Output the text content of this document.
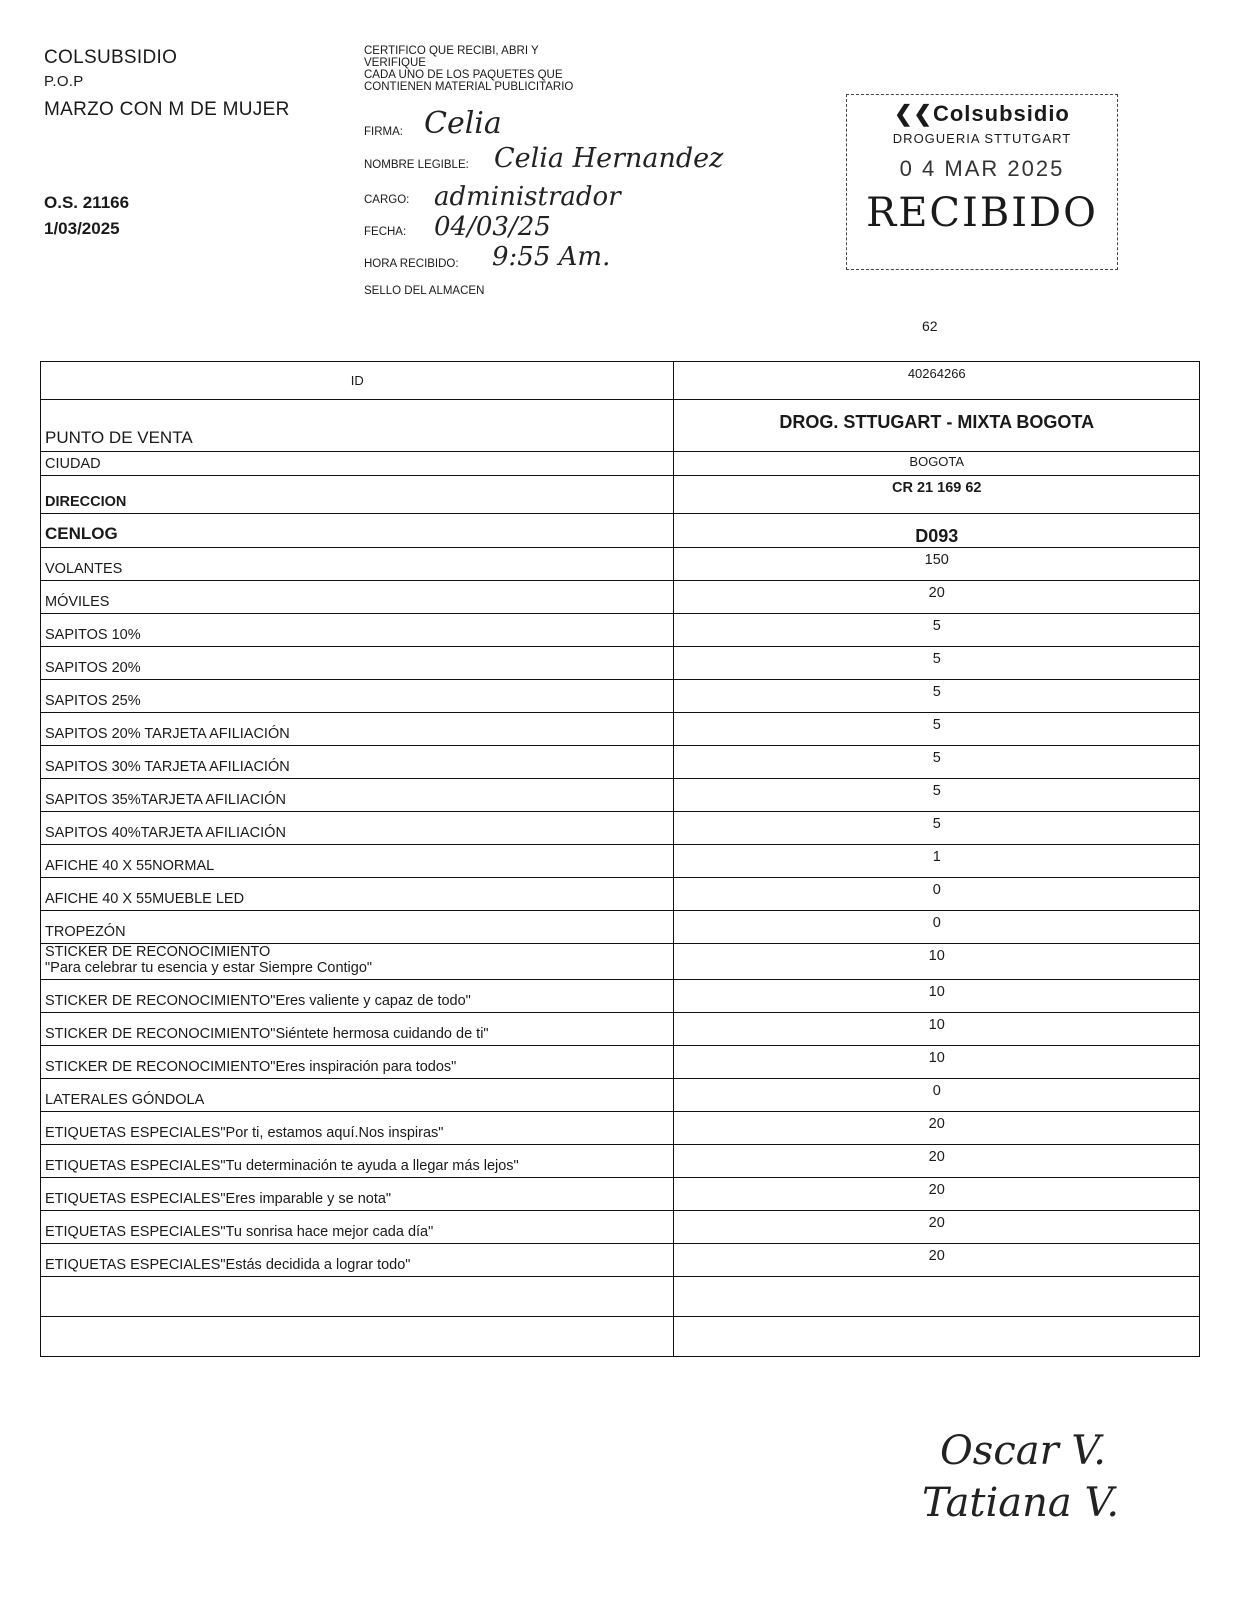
COLSUBSIDIO
P.O.P
MARZO CON M DE MUJER
O.S. 21166
1/03/2025
CERTIFICO QUE RECIBI, ABRI Y
VERIFIQUE
CADA UNO DE LOS PAQUETES QUE
CONTIENEN MATERIAL PUBLICITARIO
FIRMA: Celia
NOMBRE LEGIBLE: Celia Hernandez
CARGO: administrador
FECHA: 04/03/25
HORA RECIBIDO: 9:55 Am.
SELLO DEL ALMACEN
❮❮Colsubsidio
DROGUERIA STTUTGART
0 4 MAR 2025
RECIBIDO
62
ID	40264266
PUNTO DE VENTA	DROG. STTUGART - MIXTA BOGOTA
CIUDAD	BOGOTA
DIRECCION	CR 21 169 62
CENLOG	D093
VOLANTES	150
MÓVILES	20
SAPITOS 10%	5
SAPITOS 20%	5
SAPITOS 25%	5
SAPITOS 20% TARJETA AFILIACIÓN	5
SAPITOS 30% TARJETA AFILIACIÓN	5
SAPITOS 35%TARJETA AFILIACIÓN	5
SAPITOS 40%TARJETA AFILIACIÓN	5
AFICHE 40 X 55NORMAL	1
AFICHE 40 X 55MUEBLE LED	0
TROPEZÓN	0
STICKER DE RECONOCIMIENTO
"Para celebrar tu esencia y estar Siempre Contigo"	10
STICKER DE RECONOCIMIENTO"Eres valiente y capaz de todo"	10
STICKER DE RECONOCIMIENTO"Siéntete hermosa cuidando de ti"	10
STICKER DE RECONOCIMIENTO"Eres inspiración para todos"	10
LATERALES GÓNDOLA	0
ETIQUETAS ESPECIALES"Por ti, estamos aquí.Nos inspiras"	20
ETIQUETAS ESPECIALES"Tu determinación te ayuda a llegar más lejos"	20
ETIQUETAS ESPECIALES"Eres imparable y se nota"	20
ETIQUETAS ESPECIALES"Tu sonrisa hace mejor cada día"	20
ETIQUETAS ESPECIALES"Estás decidida a lograr todo"	20

Oscar V.
Tatiana V.
